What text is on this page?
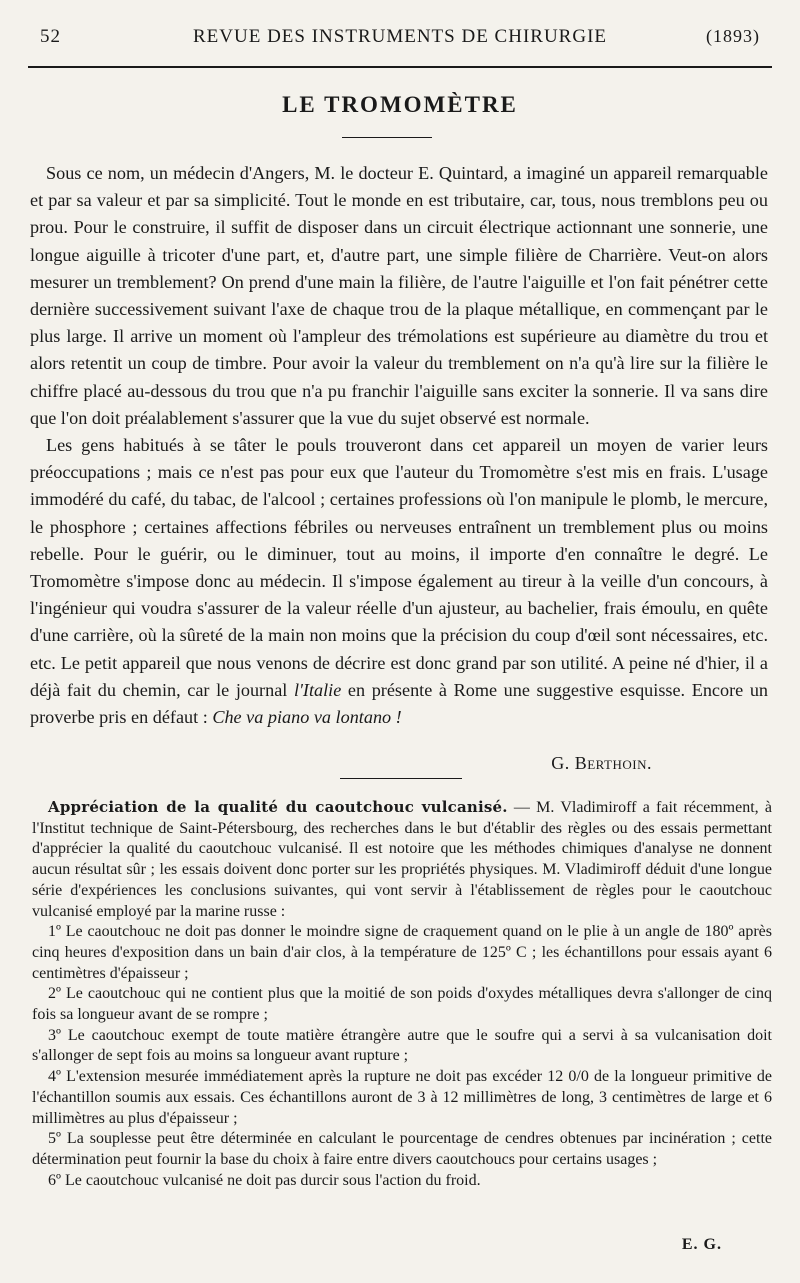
52	REVUE DES INSTRUMENTS DE CHIRURGIE	(1893)
LE TROMOMÈTRE

Sous ce nom, un médecin d'Angers, M. le docteur E. Quintard, a imaginé un appareil remarquable et par sa valeur et par sa simplicité. Tout le monde en est tributaire, car, tous, nous tremblons peu ou prou. Pour le construire, il suffit de disposer dans un circuit électrique actionnant une sonnerie, une longue aiguille à tricoter d'une part, et, d'autre part, une simple filière de Charrière. Veut-on alors mesurer un tremblement? On prend d'une main la filière, de l'autre l'aiguille et l'on fait pénétrer cette dernière successivement suivant l'axe de chaque trou de la plaque métallique, en commençant par le plus large. Il arrive un moment où l'ampleur des trémolations est supérieure au diamètre du trou et alors retentit un coup de timbre. Pour avoir la valeur du tremblement on n'a qu'à lire sur la filière le chiffre placé au-dessous du trou que n'a pu franchir l'aiguille sans exciter la sonnerie. Il va sans dire que l'on doit préalablement s'assurer que la vue du sujet observé est normale.

Les gens habitués à se tâter le pouls trouveront dans cet appareil un moyen de varier leurs préoccupations ; mais ce n'est pas pour eux que l'auteur du Tromomètre s'est mis en frais. L'usage immodéré du café, du tabac, de l'alcool ; certaines professions où l'on manipule le plomb, le mercure, le phosphore ; certaines affections fébriles ou nerveuses entraînent un tremblement plus ou moins rebelle. Pour le guérir, ou le diminuer, tout au moins, il importe d'en connaître le degré. Le Tromomètre s'impose donc au médecin. Il s'impose également au tireur à la veille d'un concours, à l'ingénieur qui voudra s'assurer de la valeur réelle d'un ajusteur, au bachelier, frais émoulu, en quête d'une carrière, où la sûreté de la main non moins que la précision du coup d'œil sont nécessaires, etc. etc. Le petit appareil que nous venons de décrire est donc grand par son utilité. A peine né d'hier, il a déjà fait du chemin, car le journal l'Italie en présente à Rome une suggestive esquisse. Encore un proverbe pris en défaut : Che va piano va lontano !

G. Berthoin.

Appréciation de la qualité du caoutchouc vulcanisé. — M. Vladimiroff a fait récemment, à l'Institut technique de Saint-Pétersbourg, des recherches dans le but d'établir des règles ou des essais permettant d'apprécier la qualité du caoutchouc vulcanisé. Il est notoire que les méthodes chimiques d'analyse ne donnent aucun résultat sûr ; les essais doivent donc porter sur les propriétés physiques. M. Vladimiroff déduit d'une longue série d'expériences les conclusions suivantes, qui vont servir à l'établissement de règles pour le caoutchouc vulcanisé employé par la marine russe :

1º Le caoutchouc ne doit pas donner le moindre signe de craquement quand on le plie à un angle de 180º après cinq heures d'exposition dans un bain d'air clos, à la température de 125º C ; les échantillons pour essais ayant 6 centimètres d'épaisseur ;

2º Le caoutchouc qui ne contient plus que la moitié de son poids d'oxydes métalliques devra s'allonger de cinq fois sa longueur avant de se rompre ;

3º Le caoutchouc exempt de toute matière étrangère autre que le soufre qui a servi à sa vulcanisation doit s'allonger de sept fois au moins sa longueur avant rupture ;

4º L'extension mesurée immédiatement après la rupture ne doit pas excéder 12 0/0 de la longueur primitive de l'échantillon soumis aux essais. Ces échantillons auront de 3 à 12 millimètres de long, 3 centimètres de large et 6 millimètres au plus d'épaisseur ;

5º La souplesse peut être déterminée en calculant le pourcentage de cendres obtenues par incinération ; cette détermination peut fournir la base du choix à faire entre divers caoutchoucs pour certains usages ;

6º Le caoutchouc vulcanisé ne doit pas durcir sous l'action du froid.

E. G.
